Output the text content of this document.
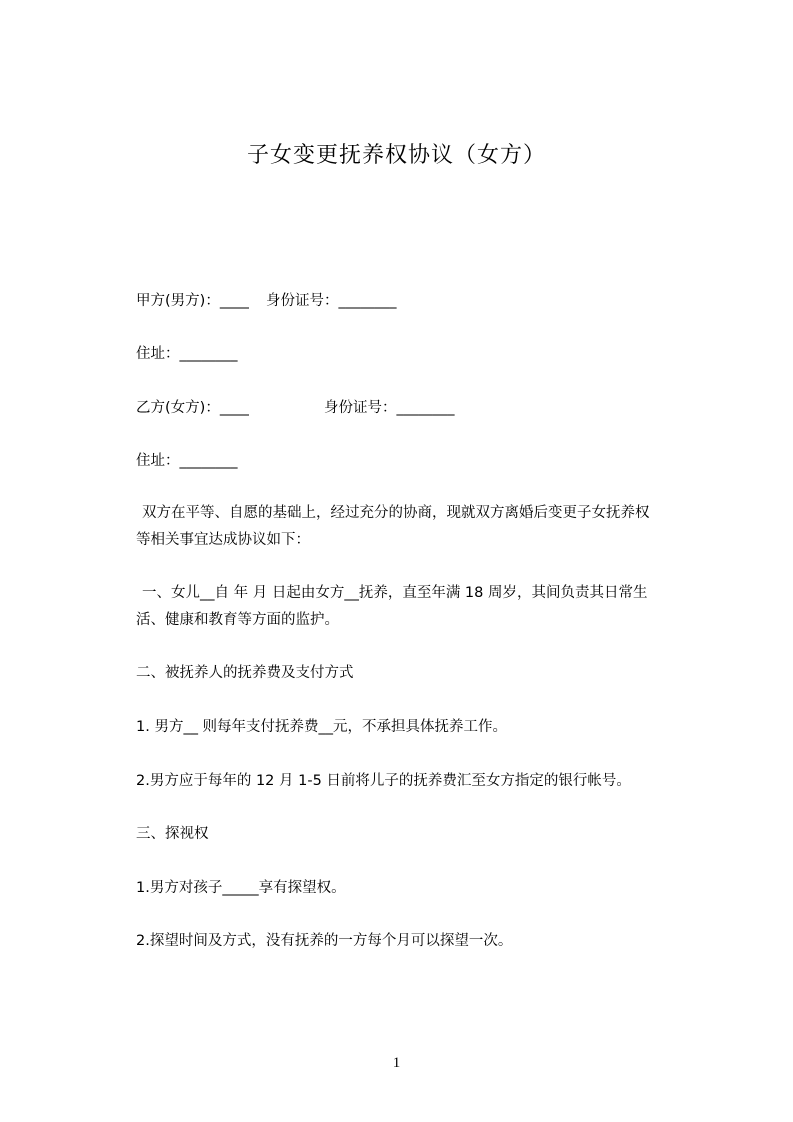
子女变更抚养权协议（女方）
甲方(男方)：____ 身份证号：________
住址：________
乙方(女方)：____	身份证号：________
住址：________
双方在平等、自愿的基础上，经过充分的协商，现就双方离婚后变更子女抚养权
等相关事宜达成协议如下：
一、女儿__自 年 月 日起由女方__抚养，直至年满 18 周岁，其间负责其日常生
活、健康和教育等方面的监护。
二、被抚养人的抚养费及支付方式
1. 男方__ 则每年支付抚养费__元，不承担具体抚养工作。
2.男方应于每年的 12 月 1-5 日前将儿子的抚养费汇至女方指定的银行帐号。
三、探视权
1.男方对孩子_____享有探望权。
2.探望时间及方式，没有抚养的一方每个月可以探望一次。
1
